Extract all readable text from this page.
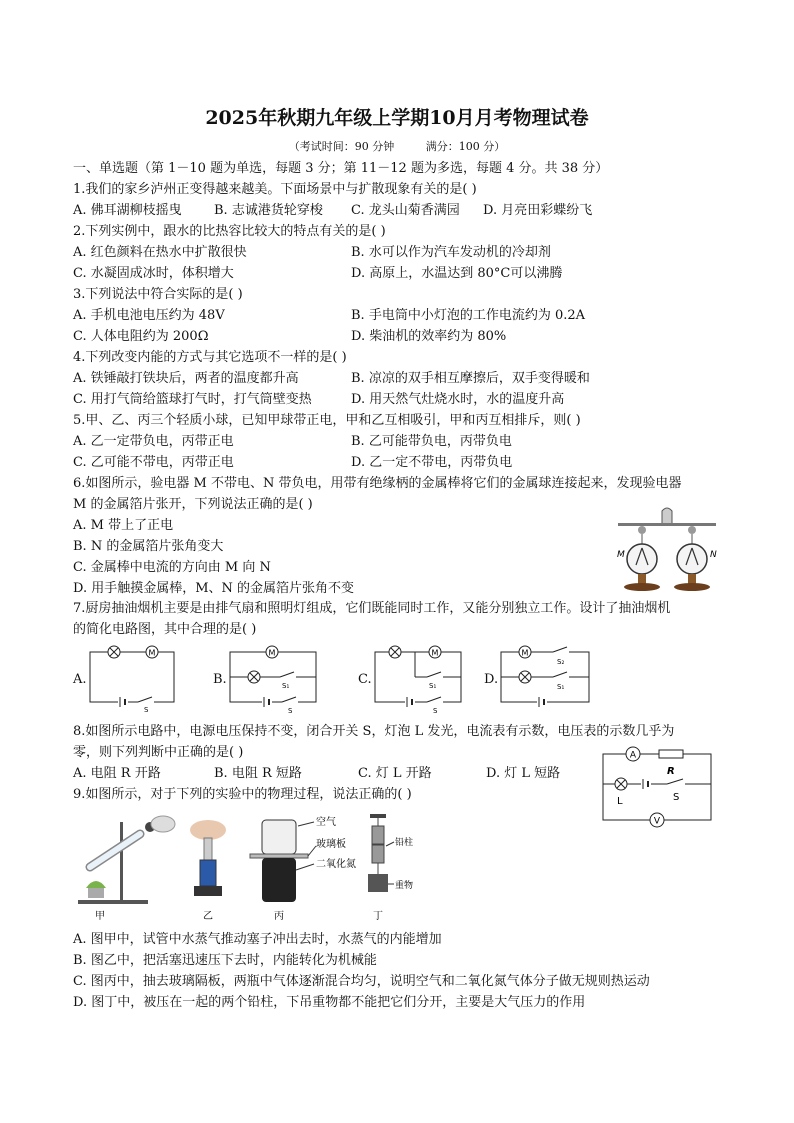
2025年秋期九年级上学期10月月考物理试卷
（考试时间：90 分钟	满分：100 分）
一、单选题（第 1－10 题为单选，每题 3 分；第 11－12 题为多选，每题 4 分。共 38 分）
1.我们的家乡泸州正变得越来越美。下面场景中与扩散现象有关的是( )
A. 佛耳湖柳枝摇曳 B. 志诚港货轮穿梭 C. 龙头山菊香满园 D. 月亮田彩蝶纷飞
2.下列实例中，跟水的比热容比较大的特点有关的是( )
A. 红色颜料在热水中扩散很快	B. 水可以作为汽车发动机的冷却剂
C. 水凝固成冰时，体积增大	D. 高原上，水温达到 80°C可以沸腾
3.下列说法中符合实际的是( )
A. 手机电池电压约为 48V	B. 手电筒中小灯泡的工作电流约为 0.2A
C. 人体电阻约为 200Ω	D. 柴油机的效率约为 80%
4.下列改变内能的方式与其它选项不一样的是( )
A. 铁锤敲打铁块后，两者的温度都升高	B. 凉凉的双手相互摩擦后，双手变得暖和
C. 用打气筒给篮球打气时，打气筒壁变热	D. 用天然气灶烧水时，水的温度升高
5.甲、乙、丙三个轻质小球，已知甲球带正电，甲和乙互相吸引，甲和丙互相排斥，则( )
A. 乙一定带负电，丙带正电	B. 乙可能带负电，丙带负电
C. 乙可能不带电，丙带正电	D. 乙一定不带电，丙带负电
6.如图所示，验电器 M 不带电、N 带负电，用带有绝缘柄的金属棒将它们的金属球连接起来，发现验电器
M 的金属箔片张开，下列说法正确的是( )
A. M 带上了正电
B. N 的金属箔片张角变大
C. 金属棒中电流的方向由 M 向 N
D. 用手触摸金属棒，M、N 的金属箔片张角不变
M	N
7.厨房抽油烟机主要是由排气扇和照明灯组成，它们既能同时工作，又能分别独立工作。设计了抽油烟机
的简化电路图，其中合理的是( )
A.
M
S
B.
M
S₁
S
C.
M
S₁
S
D.
M
S₂
S₁
8.如图所示电路中，电源电压保持不变，闭合开关 S，灯泡 L 发光，电流表有示数，电压表的示数几乎为
零，则下列判断中正确的是( )
A. 电阻 R 开路	B. 电阻 R 短路	C. 灯 L 开路	D. 灯 L 短路
A
R
L	S
V
9.如图所示，对于下列的实验中的物理过程，说法正确的( )
甲	乙
空气
玻璃板
二氧化氮
丙
铅柱
重物
丁
A. 图甲中，试管中水蒸气推动塞子冲出去时，水蒸气的内能增加
B. 图乙中，把活塞迅速压下去时，内能转化为机械能
C. 图丙中，抽去玻璃隔板，两瓶中气体逐渐混合均匀，说明空气和二氧化氮气体分子做无规则热运动
D. 图丁中，被压在一起的两个铅柱，下吊重物都不能把它们分开，主要是大气压力的作用
